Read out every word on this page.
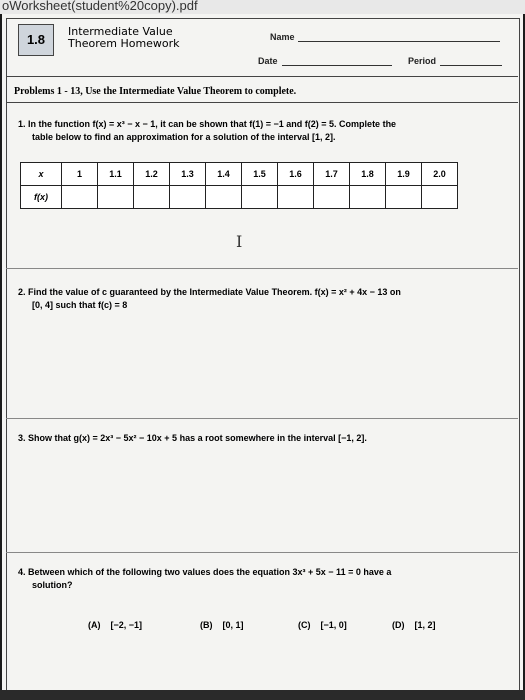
oWorksheet(student%20copy).pdf
1.8
Intermediate Value
Theorem Homework	Name
Date	Period
Problems 1 - 13, Use the Intermediate Value Theorem to complete.
1. In the function f(x) = x³ − x − 1, it can be shown that f(1) = −1 and f(2) = 5. Complete the
table below to find an approximation for a solution of the interval [1, 2].
x	1	1.1	1.2	1.3	1.4	1.5	1.6	1.7	1.8	1.9	2.0
f(x)											
I
2. Find the value of c guaranteed by the Intermediate Value Theorem. f(x) = x² + 4x − 13 on
[0, 4] such that f(c) = 8
3. Show that g(x) = 2x³ − 5x² − 10x + 5 has a root somewhere in the interval [−1, 2].
4. Between which of the following two values does the equation 3x³ + 5x − 11 = 0 have a
solution?
(A) [−2, −1]	(B) [0, 1]	(C) [−1, 0]	(D) [1, 2]
